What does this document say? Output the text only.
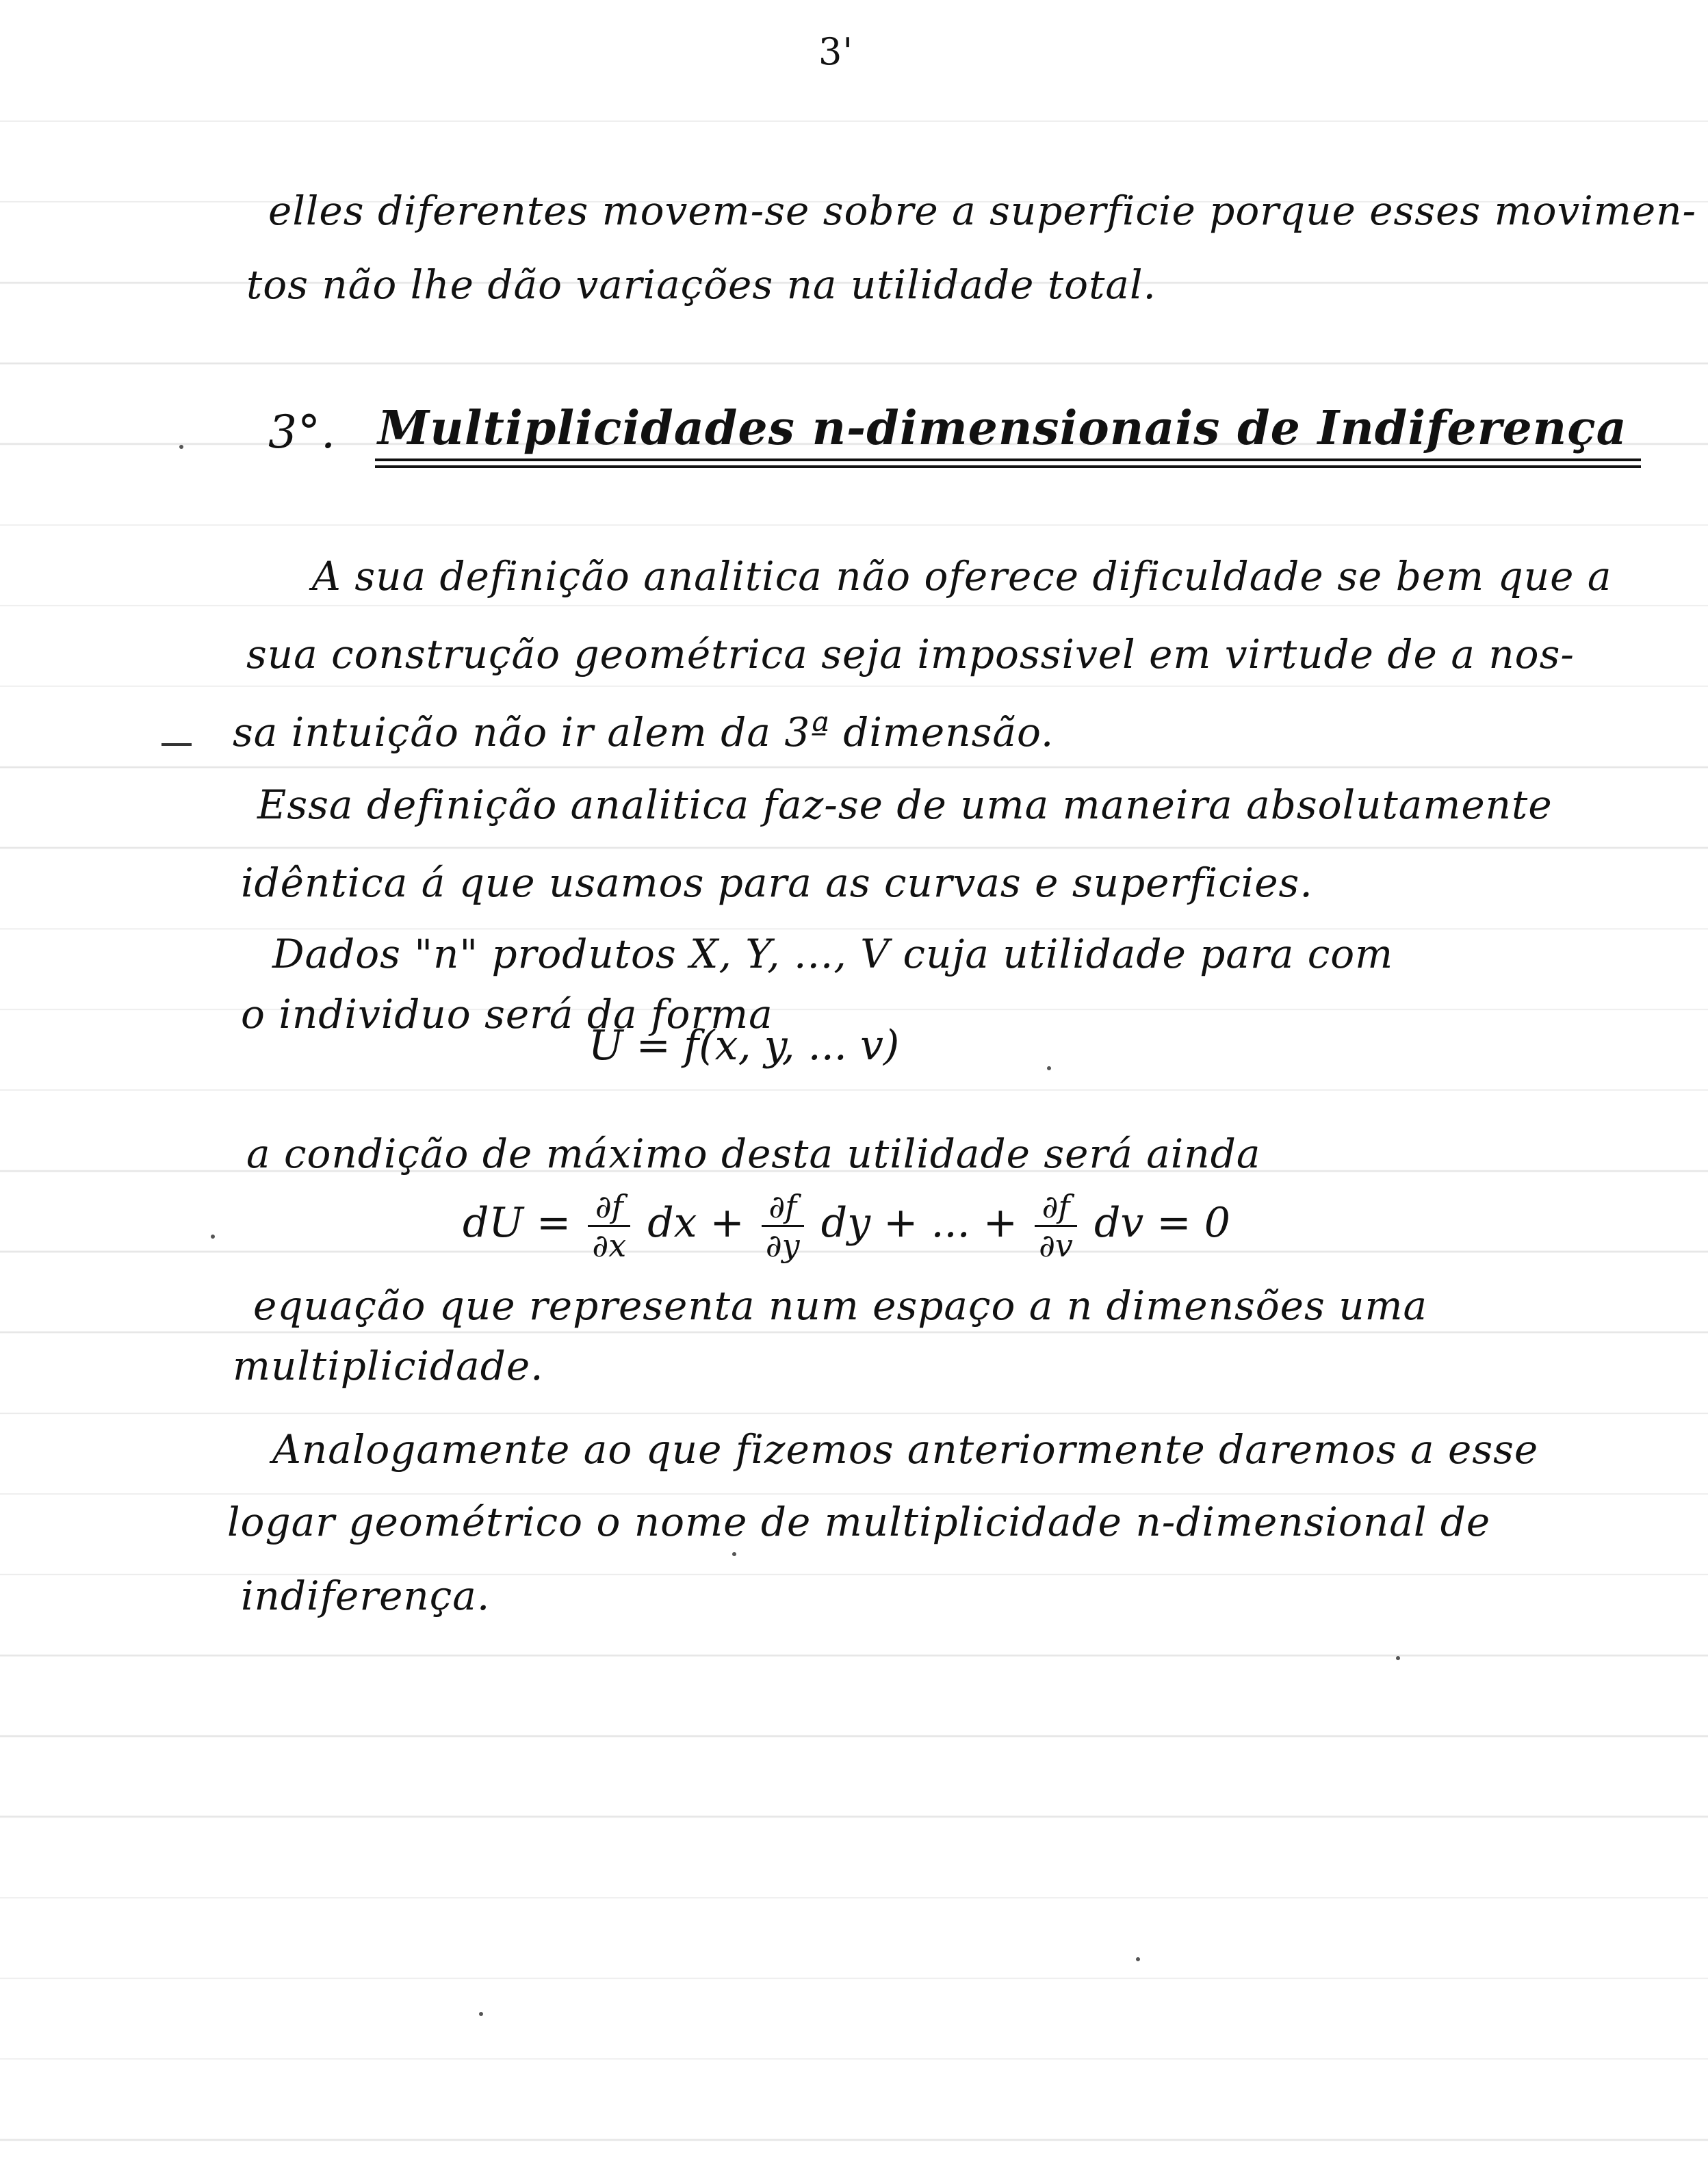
3'
elles diferentes movem-se sobre a superficie porque esses movimen-
tos não lhe dão variações na utilidade total.
3°. Multiplicidades n-dimensionais de Indiferença
A sua definição analitica não oferece dificuldade se bem que a
sua construção geométrica seja impossivel em virtude de a nos-
sa intuição não ir alem da 3ª dimensão.
Essa definição analitica faz-se de uma maneira absolutamente
idêntica á que usamos para as curvas e superficies.
Dados "n" produtos X, Y, ..., V cuja utilidade para com
o individuo será da forma
U = f(x, y, ... v)
a condição de máximo desta utilidade será ainda
dU = $\frac{\partial f}{\partial x}$ dx + $\frac{\partial f}{\partial y}$ dy + ... + $\frac{\partial f}{\partial v}$ dv = 0
equação que representa num espaço a n dimensões uma
multiplicidade.
Analogamente ao que fizemos anteriormente daremos a esse
logar geométrico o nome de multiplicidade n-dimensional de
indiferença.
